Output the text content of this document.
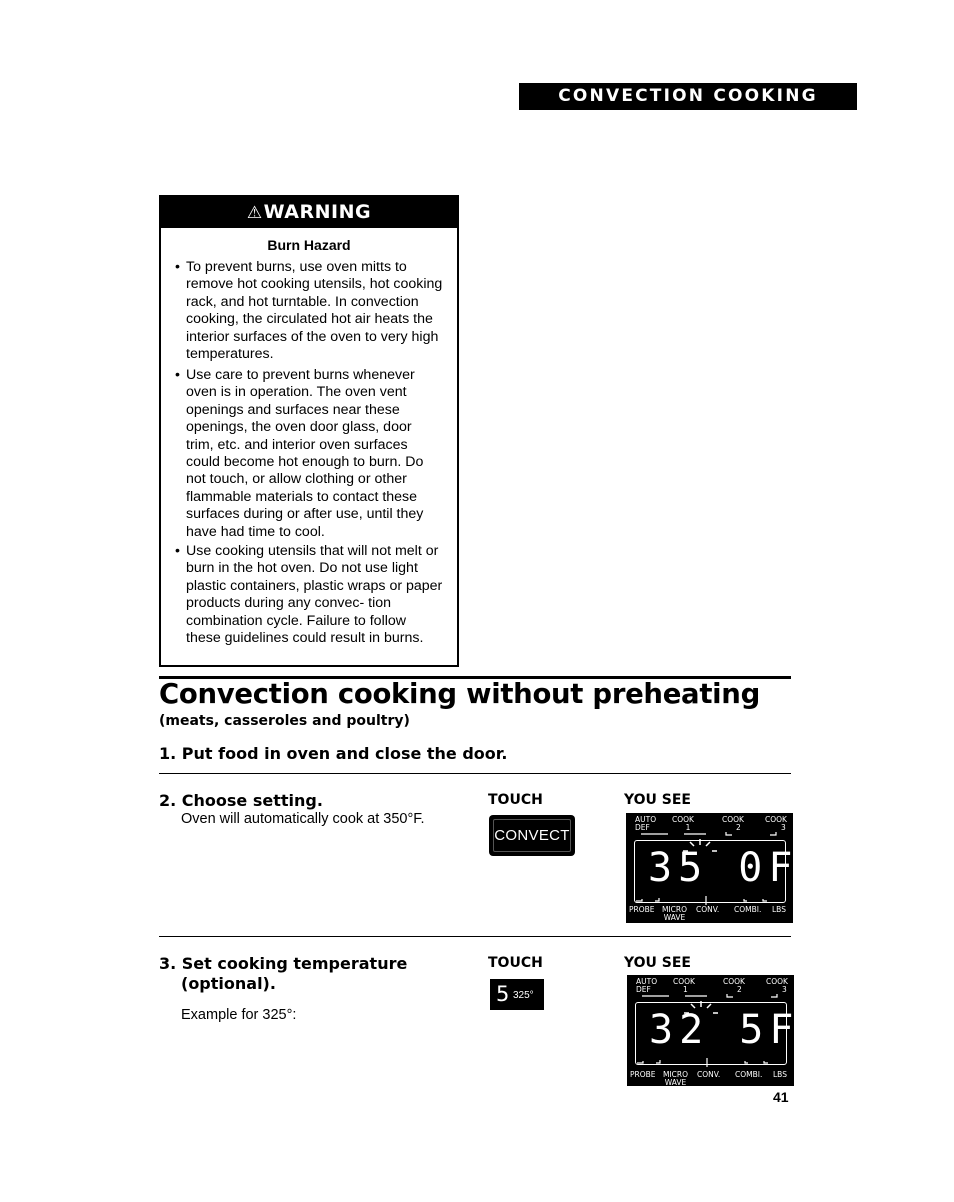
CONVECTION COOKING
⚠WARNING
Burn Hazard
• To prevent burns, use oven mitts to remove hot cooking utensils, hot cooking rack, and hot turntable. In convection cooking, the circulated hot air heats the interior surfaces of the oven to very high temperatures.
• Use care to prevent burns whenever oven is in operation. The oven vent openings and surfaces near these openings, the oven door glass, door trim, etc. and interior oven surfaces could become hot enough to burn. Do not touch, or allow clothing or other flammable materials to contact these surfaces during or after use, until they have had time to cool.
• Use cooking utensils that will not melt or burn in the hot oven. Do not use light plastic containers, plastic wraps or paper products during any convec- tion combination cycle. Failure to follow these guidelines could result in burns.
Convection cooking without preheating
(meats, casseroles and poultry)
1. Put food in oven and close the door.
2. Choose setting.
Oven will automatically cook at 350°F.
TOUCH	YOU SEE
CONVECT
AUTO
DEF
COOK
1
COOK
2
COOK
3
35 0F
PROBE MICRO
WAVE
CONV. COMBI. LBS
3. Set cooking temperature
(optional).
Example for 325°:
TOUCH	YOU SEE
5 325°
AUTO
DEF
COOK
1
COOK
2
COOK
3
32 5F
PROBE MICRO
WAVE
CONV. COMBI. LBS
41
